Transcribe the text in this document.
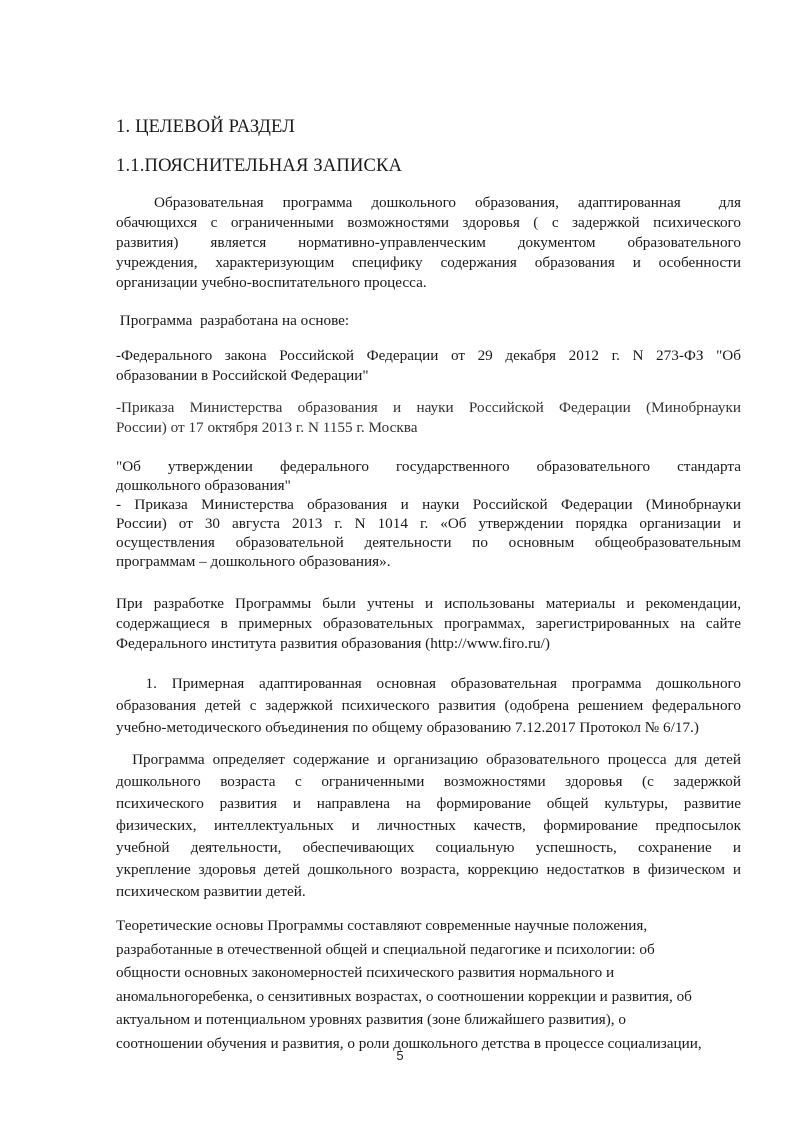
1. ЦЕЛЕВОЙ РАЗДЕЛ
1.1.ПОЯСНИТЕЛЬНАЯ ЗАПИСКА
Образовательная программа дошкольного образования, адаптированная  для
обачющихся с ограниченными возможностями здоровья ( с задержкой психического
развития) является нормативно-управленческим документом образовательного
учреждения, характеризующим специфику содержания образования и особенности
организации учебно-воспитательного процесса.
Программа  разработана на основе:
-Федерального закона Российской Федерации от 29 декабря 2012 г. N 273-ФЗ "Об
образовании в Российской Федерации"
-Приказа Министерства образования и науки Российской Федерации (Минобрнауки
России) от 17 октября 2013 г. N 1155 г. Москва
"Об утверждении федерального государственного образовательного стандарта
дошкольного образования"
- Приказа Министерства образования и науки Российской Федерации (Минобрнауки
России) от 30 августа 2013 г. N 1014 г. «Об утверждении порядка организации и
осуществления образовательной деятельности по основным общеобразовательным
программам – дошкольного образования».
При разработке Программы были учтены и использованы материалы и рекомендации,
содержащиеся в примерных образовательных программах, зарегистрированных на сайте
Федерального института развития образования (http://www.firo.ru/)
1. Примерная адаптированная основная образовательная программа дошкольного
образования детей с задержкой психического развития (одобрена решением федерального
учебно-методического объединения по общему образованию 7.12.2017 Протокол № 6/17.)
Программа определяет содержание и организацию образовательного процесса для детей
дошкольного возраста с ограниченными возможностями здоровья (с задержкой
психического развития и направлена на формирование общей культуры, развитие
физических, интеллектуальных и личностных качеств, формирование предпосылок
учебной деятельности, обеспечивающих социальную успешность, сохранение и
укрепление здоровья детей дошкольного возраста, коррекцию недостатков в физическом и
психическом развитии детей.
Теоретические основы Программы составляют современные научные положения,
разработанные в отечественной общей и специальной педагогике и психологии: об
общности основных закономерностей психического развития нормального и
аномальногоребенка, о сензитивных возрастах, о соотношении коррекции и развития, об
актуальном и потенциальном уровнях развития (зоне ближайшего развития), о
соотношении обучения и развития, о роли дошкольного детства в процессе социализации,
5
